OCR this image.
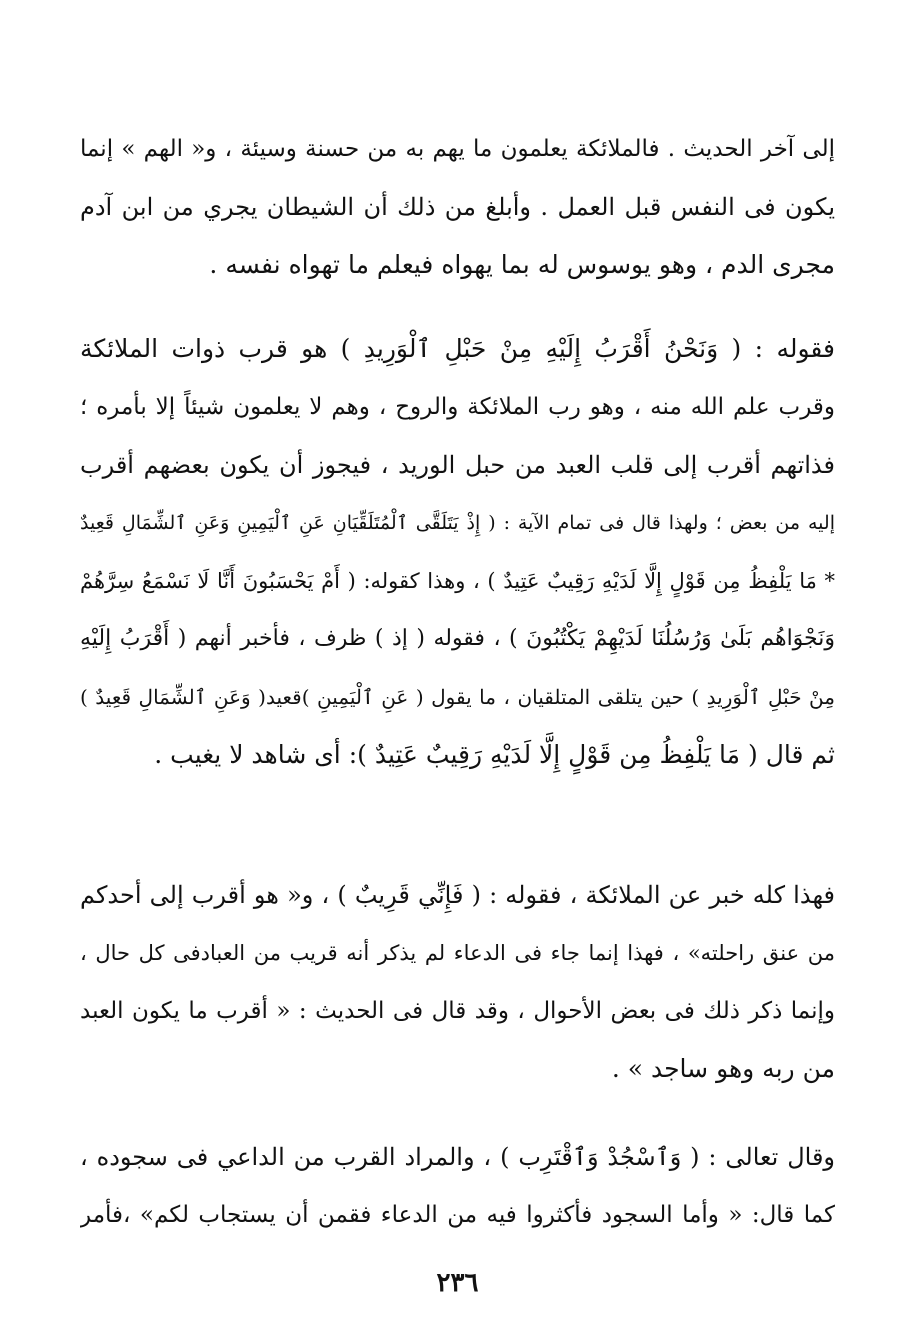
إلى آخر الحديث . فالملائكة يعلمون ما يهم به من حسنة وسيئة ، و« الهم » إنما
يكون فى النفس قبل العمل . وأبلغ من ذلك أن الشيطان يجري من ابن آدم
مجرى الدم ، وهو يوسوس له بما يهواه فيعلم ما تهواه نفسه .
فقوله : ( وَنَحْنُ أَقْرَبُ إِلَيْهِ مِنْ حَبْلِ ٱلْوَرِيدِ ) هو قرب ذوات الملائكة
وقرب علم الله منه ، وهو رب الملائكة والروح ، وهم لا يعلمون شيئاً إلا بأمره ؛
فذاتهم أقرب إلى قلب العبد من حبل الوريد ، فيجوز أن يكون بعضهم أقرب
إليه من بعض ؛ ولهذا قال فى تمام الآية : ( إِذْ يَتَلَقَّى ٱلْمُتَلَقِّيَانِ عَنِ ٱلْيَمِينِ وَعَنِ ٱلشِّمَالِ قَعِيدٌ
* مَا يَلْفِظُ مِن قَوْلٍ إِلَّا لَدَيْهِ رَقِيبٌ عَتِيدٌ ) ، وهذا كقوله: ( أَمْ يَحْسَبُونَ أَنَّا لَا نَسْمَعُ سِرَّهُمْ
وَنَجْوَاهُم بَلَىٰ وَرُسُلُنَا لَدَيْهِمْ يَكْتُبُونَ ) ، فقوله ( إذ ) ظرف ، فأخبر أنهم ( أَقْرَبُ إِلَيْهِ
مِنْ حَبْلِ ٱلْوَرِيدِ ) حين يتلقى المتلقيان ، ما يقول ( عَنِ ٱلْيَمِينِ )قعيد( وَعَنِ ٱلشِّمَالِ قَعِيدٌ )
ثم قال ( مَا يَلْفِظُ مِن قَوْلٍ إِلَّا لَدَيْهِ رَقِيبٌ عَتِيدٌ ): أى شاهد لا يغيب .
فهذا كله خبر عن الملائكة ، فقوله : ( فَإِنِّي قَرِيبٌ ) ، و« هو أقرب إلى أحدكم
من عنق راحلته» ، فهذا إنما جاء فى الدعاء لم يذكر أنه قريب من العبادفى كل حال ،
وإنما ذكر ذلك فى بعض الأحوال ، وقد قال فى الحديث : « أقرب ما يكون العبد
من ربه وهو ساجد » .
وقال تعالى : ( وَٱسْجُدْ وَٱقْتَرِب ) ، والمراد القرب من الداعي فى سجوده ،
كما قال: « وأما السجود فأكثروا فيه من الدعاء فقمن أن يستجاب لكم» ،فأمر
٢٣٦
